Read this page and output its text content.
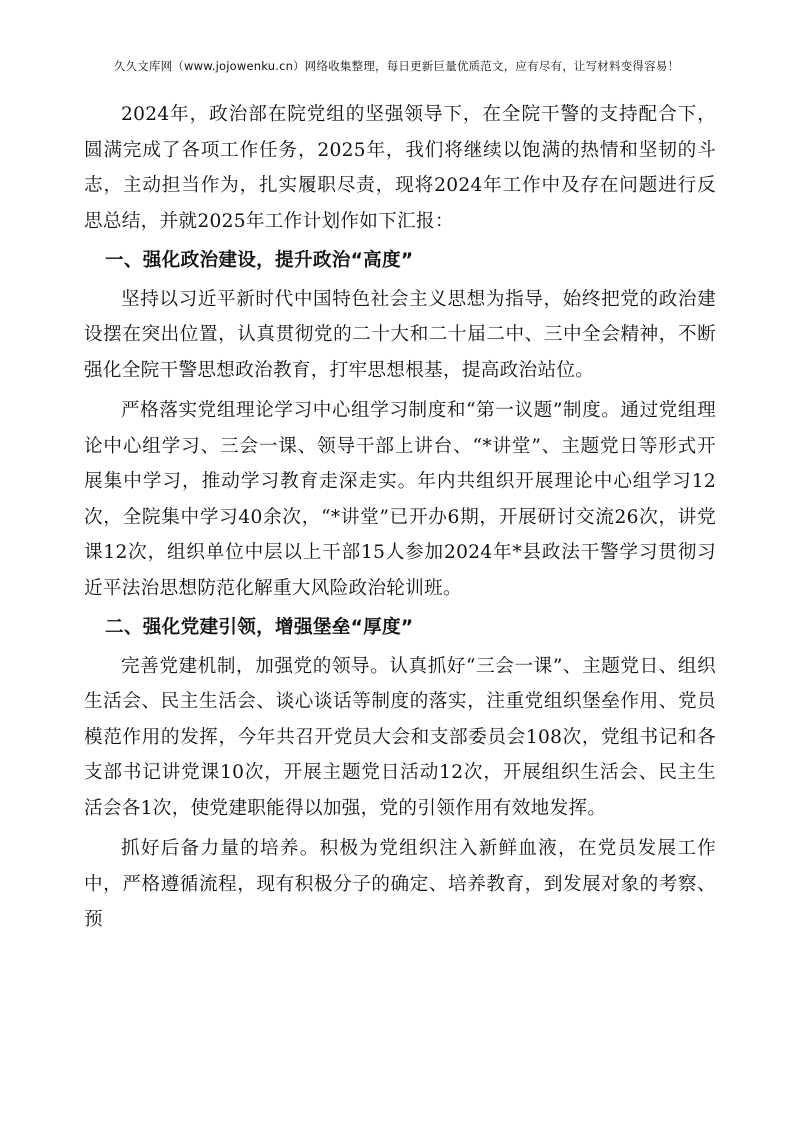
久久文库网（www.jojowenku.cn）网络收集整理，每日更新巨量优质范文，应有尽有，让写材料变得容易！

2024年，政治部在院党组的坚强领导下，在全院干警的支持配合下，圆满完成了各项工作任务，2025年，我们将继续以饱满的热情和坚韧的斗志，主动担当作为，扎实履职尽责，现将2024年工作中及存在问题进行反思总结，并就2025年工作计划作如下汇报：

一、强化政治建设，提升政治“高度”

坚持以习近平新时代中国特色社会主义思想为指导，始终把党的政治建设摆在突出位置，认真贯彻党的二十大和二十届二中、三中全会精神，不断强化全院干警思想政治教育，打牢思想根基，提高政治站位。

严格落实党组理论学习中心组学习制度和“第一议题”制度。通过党组理论中心组学习、三会一课、领导干部上讲台、“*讲堂”、主题党日等形式开展集中学习，推动学习教育走深走实。年内共组织开展理论中心组学习12次，全院集中学习40余次，“*讲堂”已开办6期，开展研讨交流26次，讲党课12次，组织单位中层以上干部15人参加2024年*县政法干警学习贯彻习近平法治思想防范化解重大风险政治轮训班。

二、强化党建引领，增强堡垒“厚度”

完善党建机制，加强党的领导。认真抓好“三会一课”、主题党日、组织生活会、民主生活会、谈心谈话等制度的落实，注重党组织堡垒作用、党员模范作用的发挥，今年共召开党员大会和支部委员会108次，党组书记和各支部书记讲党课10次，开展主题党日活动12次，开展组织生活会、民主生活会各1次，使党建职能得以加强，党的引领作用有效地发挥。

抓好后备力量的培养。积极为党组织注入新鲜血液，在党员发展工作中，严格遵循流程，现有积极分子的确定、培养教育，到发展对象的考察、预
